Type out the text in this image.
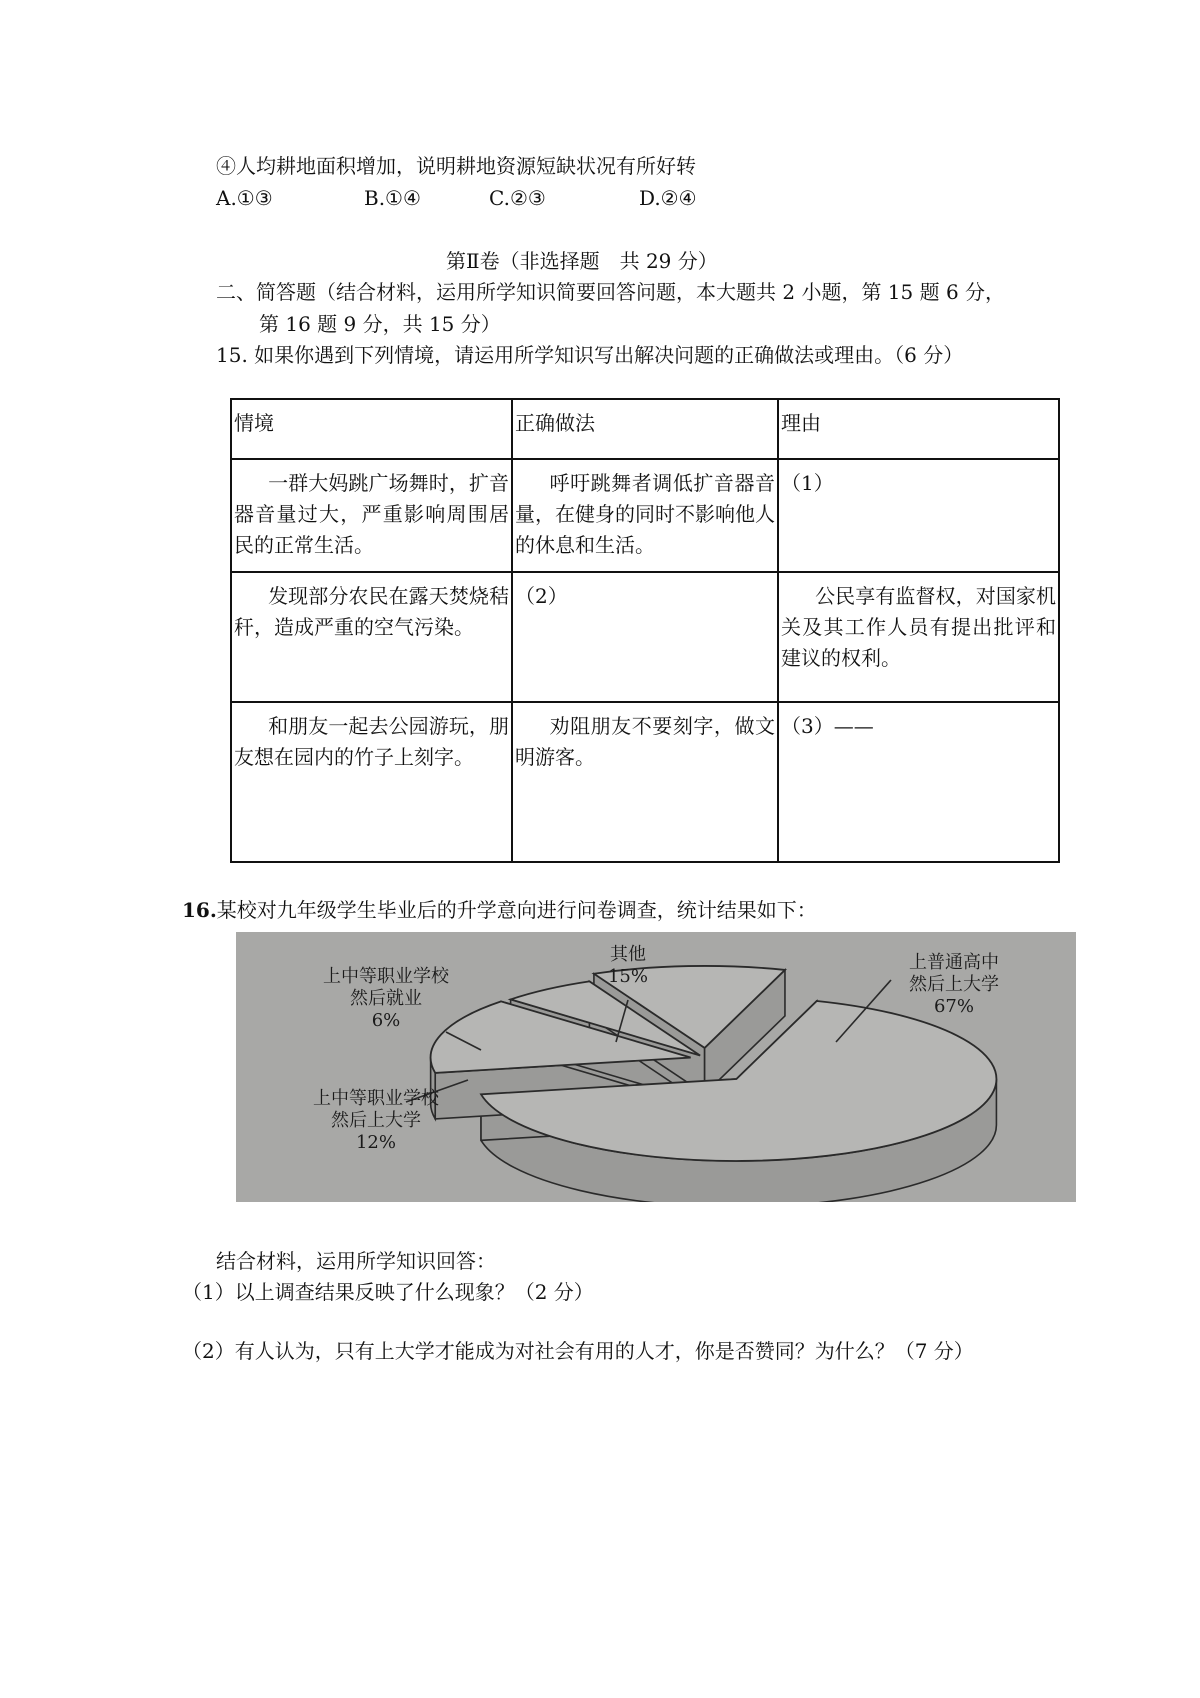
④人均耕地面积增加，说明耕地资源短缺状况有所好转
A.①③	B.①④	C.②③	D.②④
第Ⅱ卷（非选择题　共 29 分）
二、简答题（结合材料，运用所学知识简要回答问题，本大题共 2 小题，第 15 题 6 分，
第 16 题 9 分，共 15 分）
15. 如果你遇到下列情境，请运用所学知识写出解决问题的正确做法或理由。（6 分）
情境	正确做法	理由
一群大妈跳广场舞时，扩音器音量过大，严重影响周围居民的正常生活。	呼吁跳舞者调低扩音器音量，在健身的同时不影响他人的休息和生活。	（1）
发现部分农民在露天焚烧秸秆，造成严重的空气污染。	（2）	公民享有监督权，对国家机关及其工作人员有提出批评和建议的权利。
和朋友一起去公园游玩，朋友想在园内的竹子上刻字。	劝阻朋友不要刻字，做文明游客。	（3）——
16.某校对九年级学生毕业后的升学意向进行问卷调查，统计结果如下：
上普通高中
然后上大学
67%
其他
15%
上中等职业学校
然后就业
6%
上中等职业学校
然后上大学
12%
结合材料，运用所学知识回答：
（1）以上调查结果反映了什么现象？（2 分）
（2）有人认为，只有上大学才能成为对社会有用的人才，你是否赞同？为什么？（7 分）
